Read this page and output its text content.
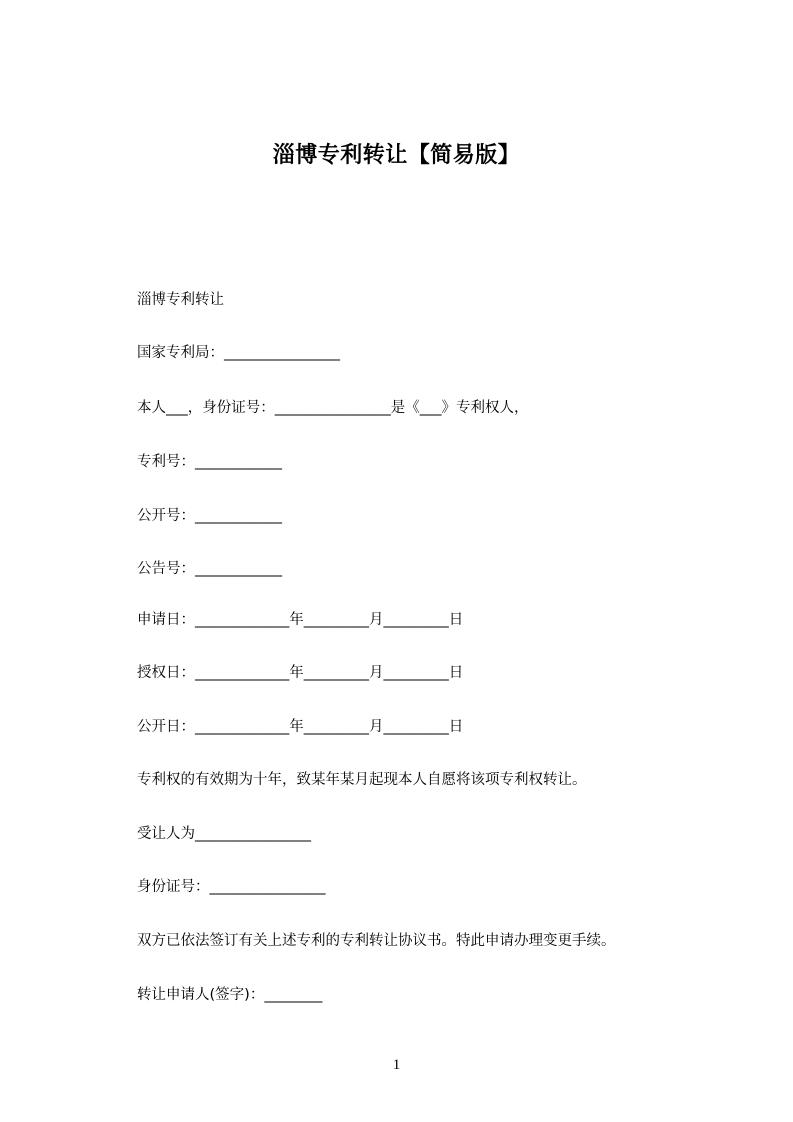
淄博专利转让【简易版】
淄博专利转让
国家专利局：________________
本人___，身份证号：________________是《___》专利权人，
专利号：____________
公开号：____________
公告号：____________
申请日：_____________年_________月_________日
授权日：_____________年_________月_________日
公开日：_____________年_________月_________日
专利权的有效期为十年，致某年某月起现本人自愿将该项专利权转让。
受让人为________________
身份证号：________________
双方已依法签订有关上述专利的专利转让协议书。特此申请办理变更手续。
转让申请人(签字)：________
1
